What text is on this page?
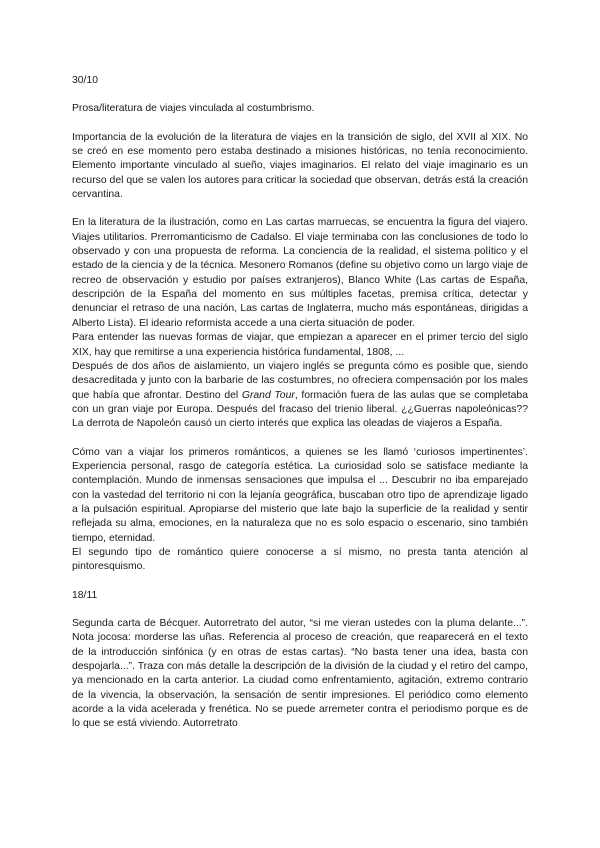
30/10
Prosa/literatura de viajes vinculada al costumbrismo.

Importancia de la evolución de la literatura de viajes en la transición de siglo, del XVII al XIX. No se creó en ese momento pero estaba destinado a misiones históricas, no tenía reconocimiento. Elemento importante vinculado al sueño, viajes imaginarios. El relato del viaje imaginario es un recurso del que se valen los autores para criticar la sociedad que observan, detrás está la creación cervantina.

En la literatura de la ilustración, como en Las cartas marruecas, se encuentra la figura del viajero. Viajes utilitarios. Prerromanticismo de Cadalso. El viaje terminaba con las conclusiones de todo lo observado y con una propuesta de reforma. La conciencia de la realidad, el sistema político y el estado de la ciencia y de la técnica. Mesonero Romanos (define su objetivo como un largo viaje de recreo de observación y estudio por países extranjeros), Blanco White (Las cartas de España, descripción de la España del momento en sus múltiples facetas, premisa crítica, detectar y denunciar el retraso de una nación, Las cartas de Inglaterra, mucho más espontáneas, dirigidas a Alberto Lista). El ideario reformista accede a una cierta situación de poder.

Para entender las nuevas formas de viajar, que empiezan a aparecer en el primer tercio del siglo XIX, hay que remitirse a una experiencia histórica fundamental, 1808, ...

Después de dos años de aislamiento, un viajero inglés se pregunta cómo es posible que, siendo desacreditada y junto con la barbarie de las costumbres, no ofreciera compensación por los males que había que afrontar. Destino del Grand Tour, formación fuera de las aulas que se completaba con un gran viaje por Europa. Después del fracaso del trienio liberal. ¿¿Guerras napoleónicas?? La derrota de Napoleón causó un cierto interés que explica las oleadas de viajeros a España.

Cómo van a viajar los primeros románticos, a quienes se les llamó ‘curiosos impertinentes’. Experiencia personal, rasgo de categoría estética. La curiosidad solo se satisface mediante la contemplación. Mundo de inmensas sensaciones que impulsa el ... Descubrir no iba emparejado con la vastedad del territorio ni con la lejanía geográfica, buscaban otro tipo de aprendizaje ligado a la pulsación espiritual. Apropiarse del misterio que late bajo la superficie de la realidad y sentir reflejada su alma, emociones, en la naturaleza que no es solo espacio o escenario, sino también tiempo, eternidad.

El segundo tipo de romántico quiere conocerse a sí mismo, no presta tanta atención al pintoresquismo.

18/11

Segunda carta de Bécquer. Autorretrato del autor, “si me vieran ustedes con la pluma delante...”. Nota jocosa: morderse las uñas. Referencia al proceso de creación, que reaparecerá en el texto de la introducción sinfónica (y en otras de estas cartas). “No basta tener una idea, basta con despojarla...”. Traza con más detalle la descripción de la división de la ciudad y el retiro del campo, ya mencionado en la carta anterior. La ciudad como enfrentamiento, agitación, extremo contrario de la vivencia, la observación, la sensación de sentir impresiones. El periódico como elemento acorde a la vida acelerada y frenética. No se puede arremeter contra el periodismo porque es de lo que se está viviendo. Autorretrato
